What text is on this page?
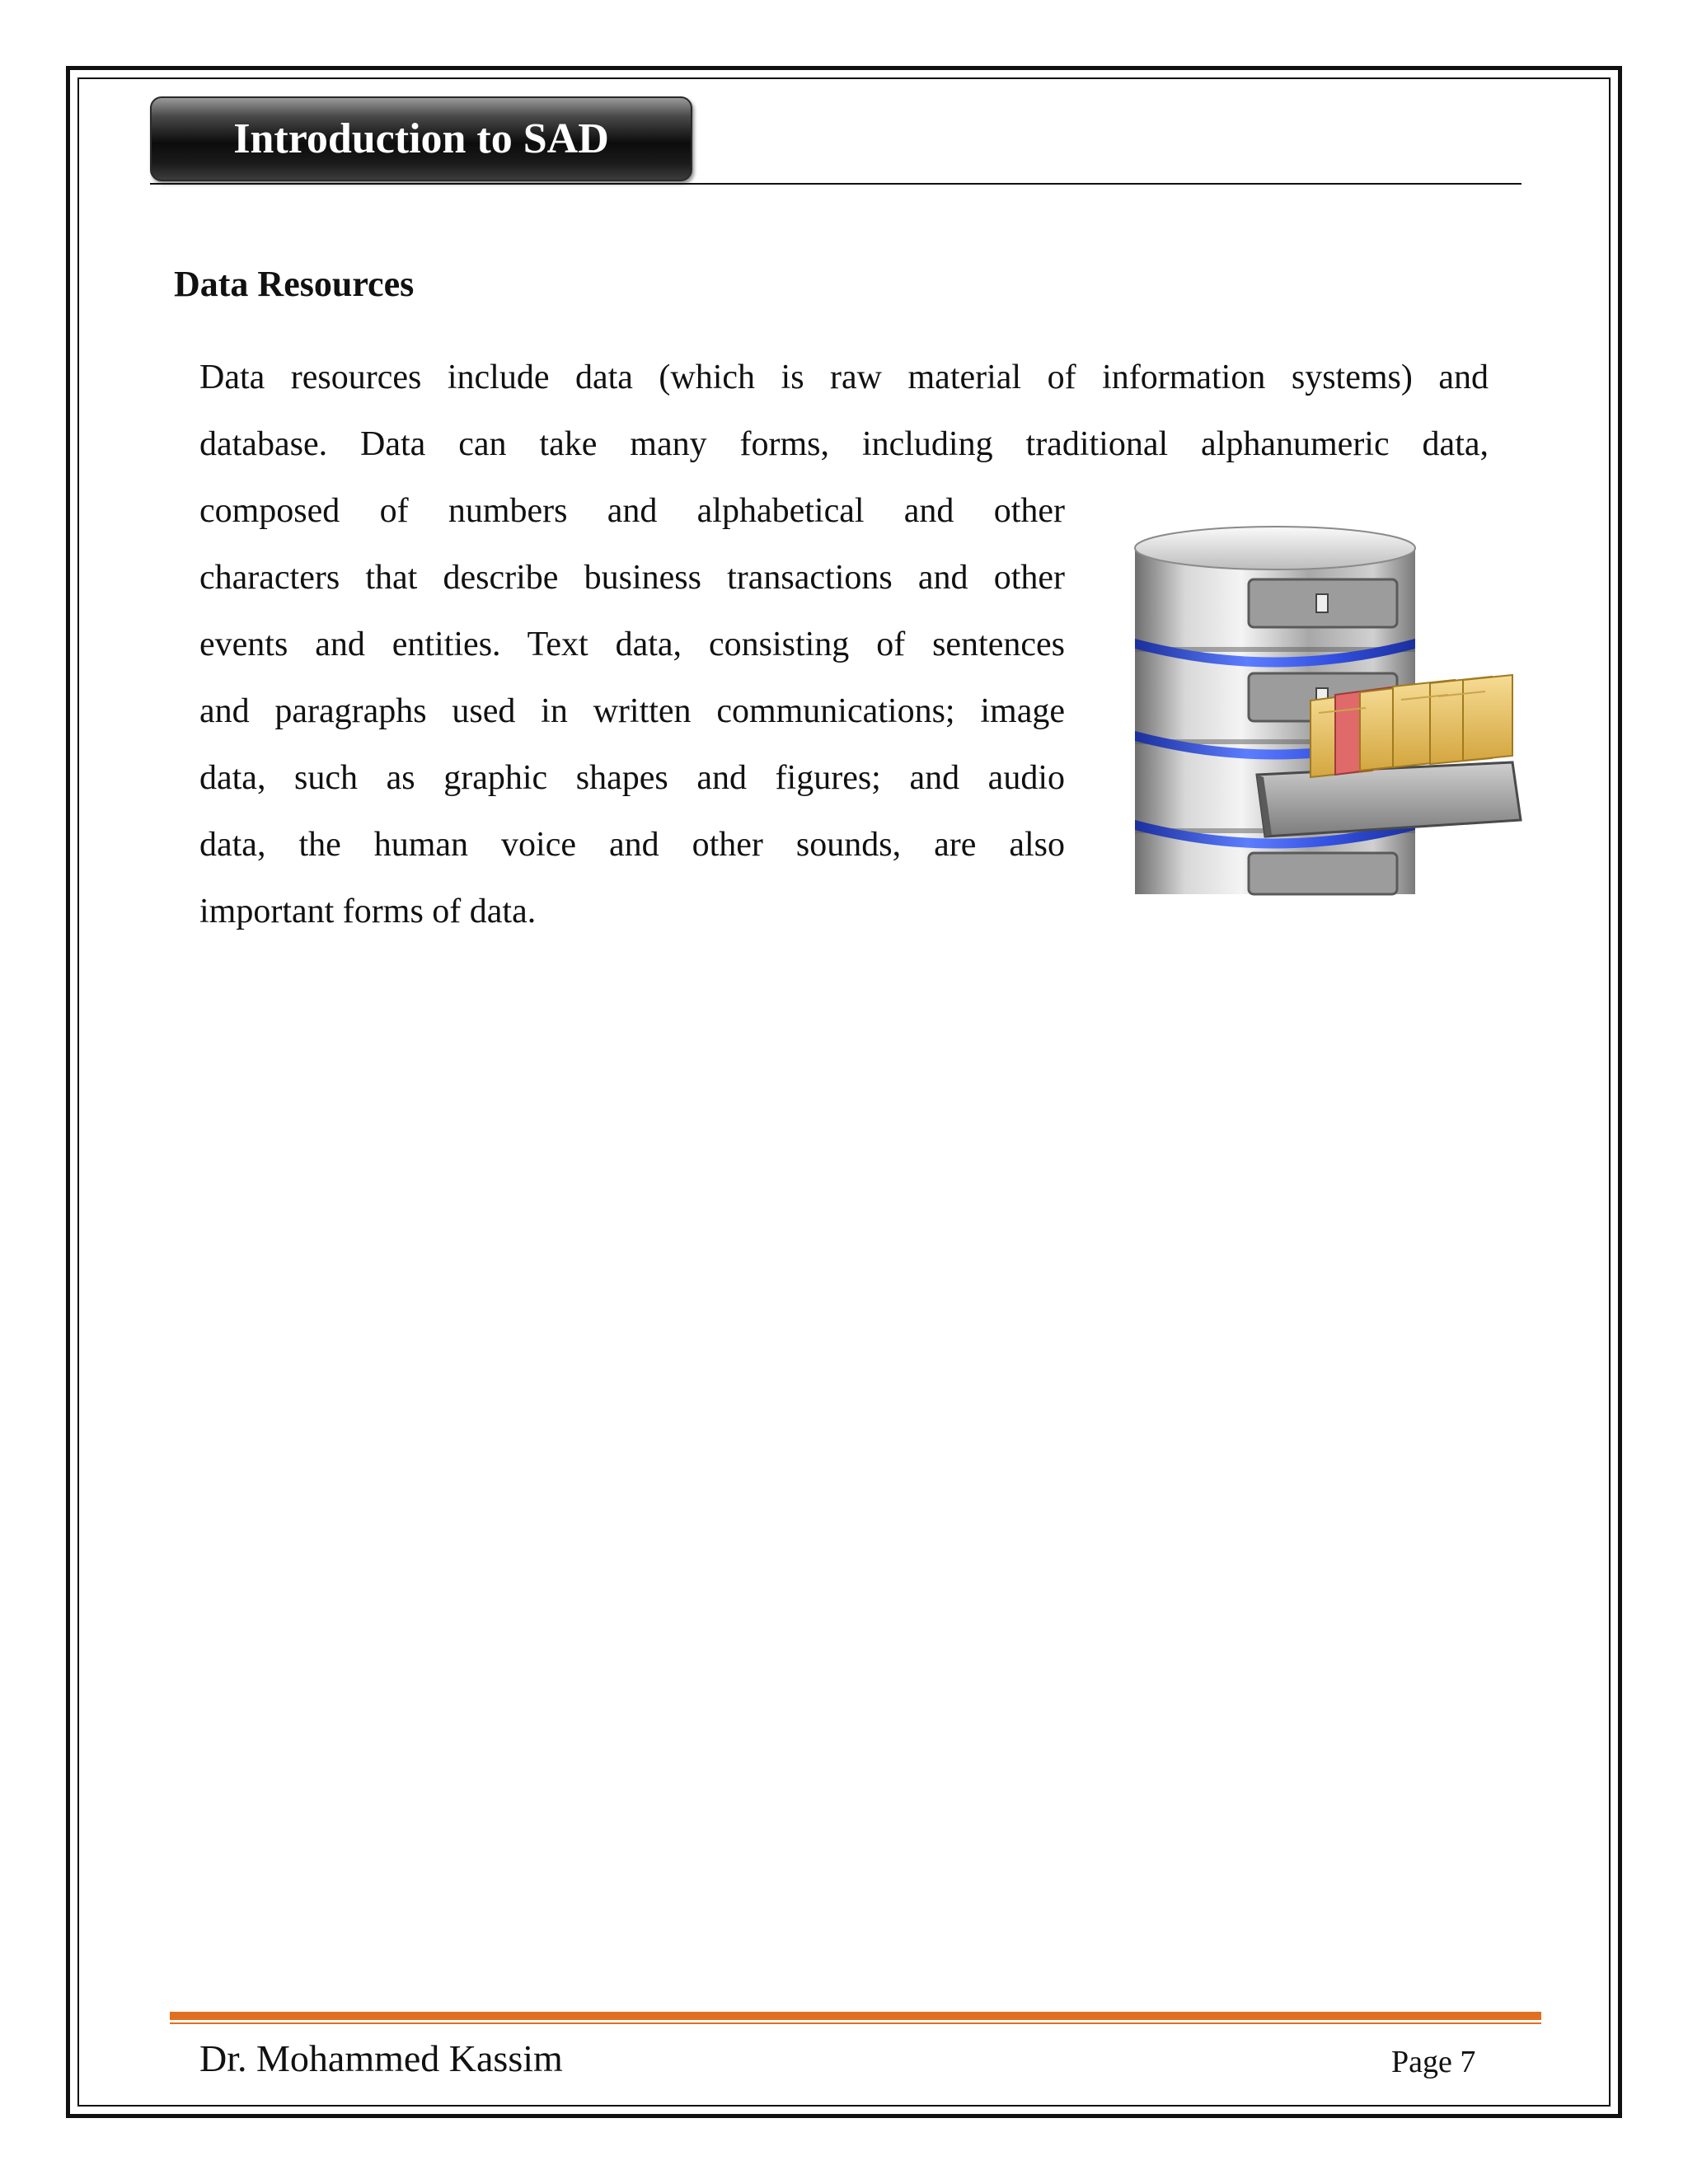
Introduction to SAD
Data Resources

Data resources include data (which is raw material of information systems) and
database. Data can take many forms, including traditional alphanumeric data,

composed of numbers and alphabetical and other
characters that describe business transactions and other
events and entities. Text data, consisting of sentences
and paragraphs used in written communications; image
data, such as graphic shapes and figures; and audio
data, the human voice and other sounds, are also
important forms of data.

Dr. Mohammed Kassim	Page 7
